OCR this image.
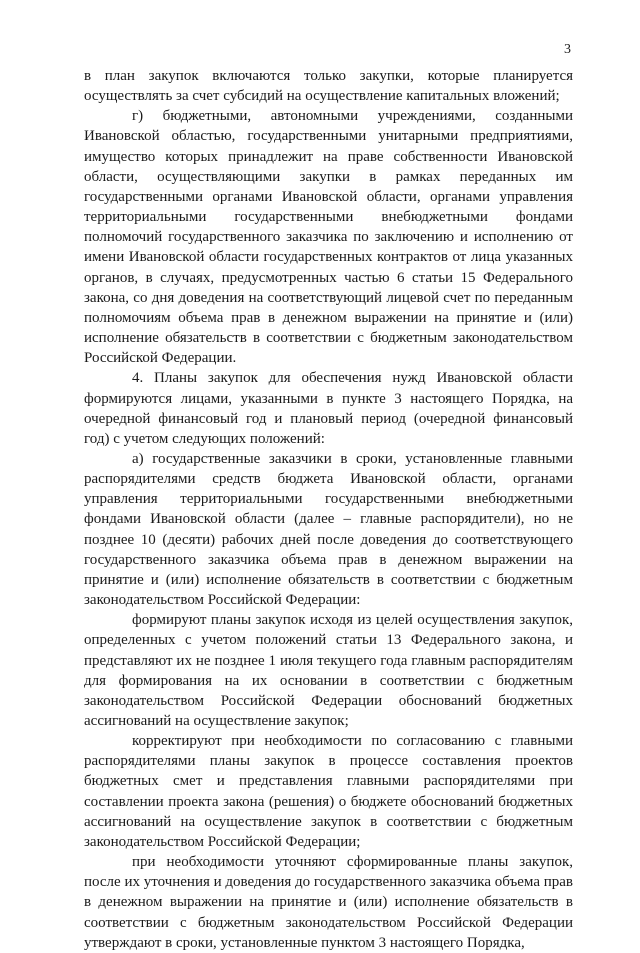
3

в план закупок включаются только закупки, которые планируется осуществлять за счет субсидий на осуществление капитальных вложений;

г) бюджетными, автономными учреждениями, созданными Ивановской областью, государственными унитарными предприятиями, имущество которых принадлежит на праве собственности Ивановской области, осуществляющими закупки в рамках переданных им государственными органами Ивановской области, органами управления территориальными государственными внебюджетными фондами полномочий государственного заказчика по заключению и исполнению от имени Ивановской области государственных контрактов от лица указанных органов, в случаях, предусмотренных частью 6 статьи 15 Федерального закона, со дня доведения на соответствующий лицевой счет по переданным полномочиям объема прав в денежном выражении на принятие и (или) исполнение обязательств в соответствии с бюджетным законодательством Российской Федерации.

4. Планы закупок для обеспечения нужд Ивановской области формируются лицами, указанными в пункте 3 настоящего Порядка, на очередной финансовый год и плановый период (очередной финансовый год) с учетом следующих положений:

а) государственные заказчики в сроки, установленные главными распорядителями средств бюджета Ивановской области, органами управления территориальными государственными внебюджетными фондами Ивановской области (далее – главные распорядители), но не позднее 10 (десяти) рабочих дней после доведения до соответствующего государственного заказчика объема прав в денежном выражении на принятие и (или) исполнение обязательств в соответствии с бюджетным законодательством Российской Федерации:

формируют планы закупок исходя из целей осуществления закупок, определенных с учетом положений статьи 13 Федерального закона, и представляют их не позднее 1 июля текущего года главным распорядителям для формирования на их основании в соответствии с бюджетным законодательством Российской Федерации обоснований бюджетных ассигнований на осуществление закупок;

корректируют при необходимости по согласованию с главными распорядителями планы закупок в процессе составления проектов бюджетных смет и представления главными распорядителями при составлении проекта закона (решения) о бюджете обоснований бюджетных ассигнований на осуществление закупок в соответствии с бюджетным законодательством Российской Федерации;

при необходимости уточняют сформированные планы закупок, после их уточнения и доведения до государственного заказчика объема прав в денежном выражении на принятие и (или) исполнение обязательств в соответствии с бюджетным законодательством Российской Федерации утверждают в сроки, установленные пунктом 3 настоящего Порядка,
